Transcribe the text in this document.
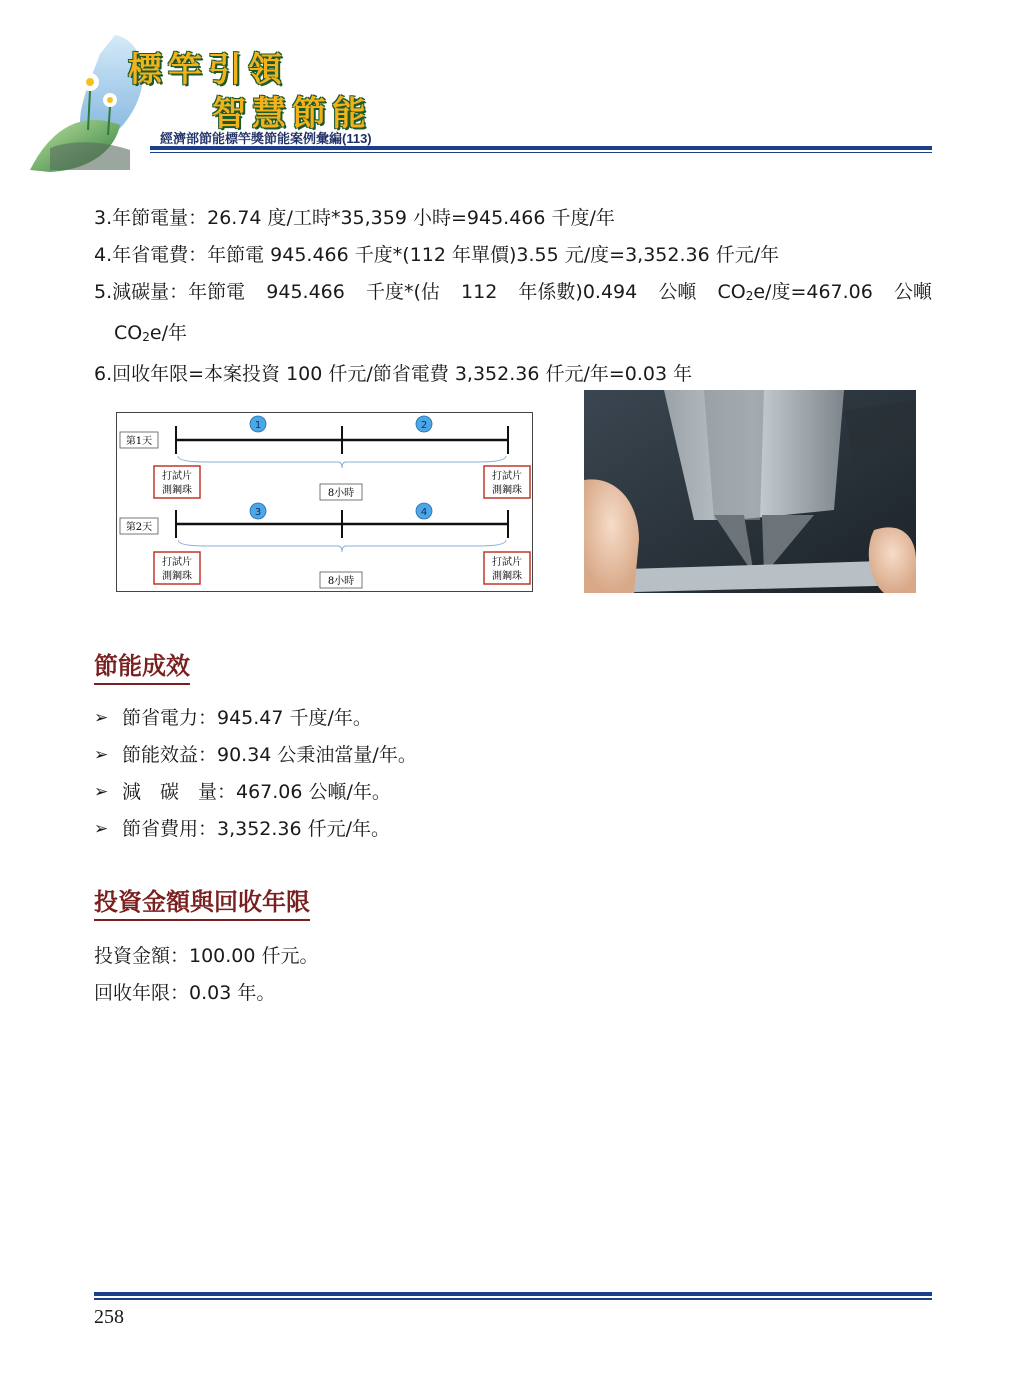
標竿引領
智慧節能
經濟部節能標竿獎節能案例彙編(113)
3.年節電量：26.74 度/工時*35,359 小時=945.466 千度/年
4.年省電費：年節電 945.466 千度*(112 年單價)3.55 元/度=3,352.36 仟元/年
5.減碳量：年節電 945.466 千度*(估 112 年係數)0.494 公噸 $CO_2e/$度=467.06 公噸
$CO_2e/$年
6.回收年限=本案投資 100 仟元/節省電費 3,352.36 仟元/年=0.03 年
第1天
1	2
打試片
測鋼珠
打試片
測鋼珠
8小時
第2天
3	4
打試片
測鋼珠
打試片
測鋼珠
8小時
節能成效
➢ 節省電力：945.47 千度/年。
➢ 節能效益：90.34 公秉油當量/年。
➢ 減　碳　量：467.06 公噸/年。
➢ 節省費用：3,352.36 仟元/年。
投資金額與回收年限
投資金額：100.00 仟元。
回收年限：0.03 年。
258
